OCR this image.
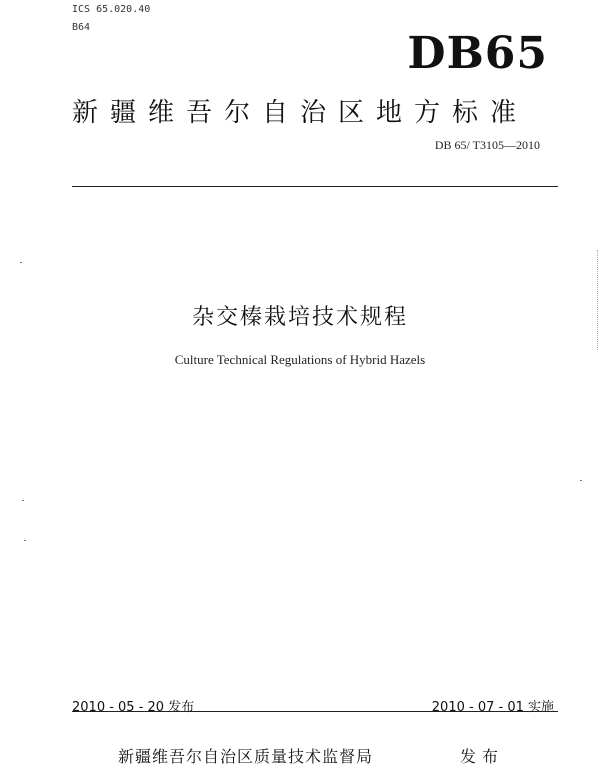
ICS 65.020.40
B64
DB65
新疆维吾尔自治区地方标准
DB 65/ T3105—2010
杂交榛栽培技术规程
Culture Technical Regulations of Hybrid Hazels
2010 - 05 - 20 发布	2010 - 07 - 01 实施
新疆维吾尔自治区质量技术监督局	发布
